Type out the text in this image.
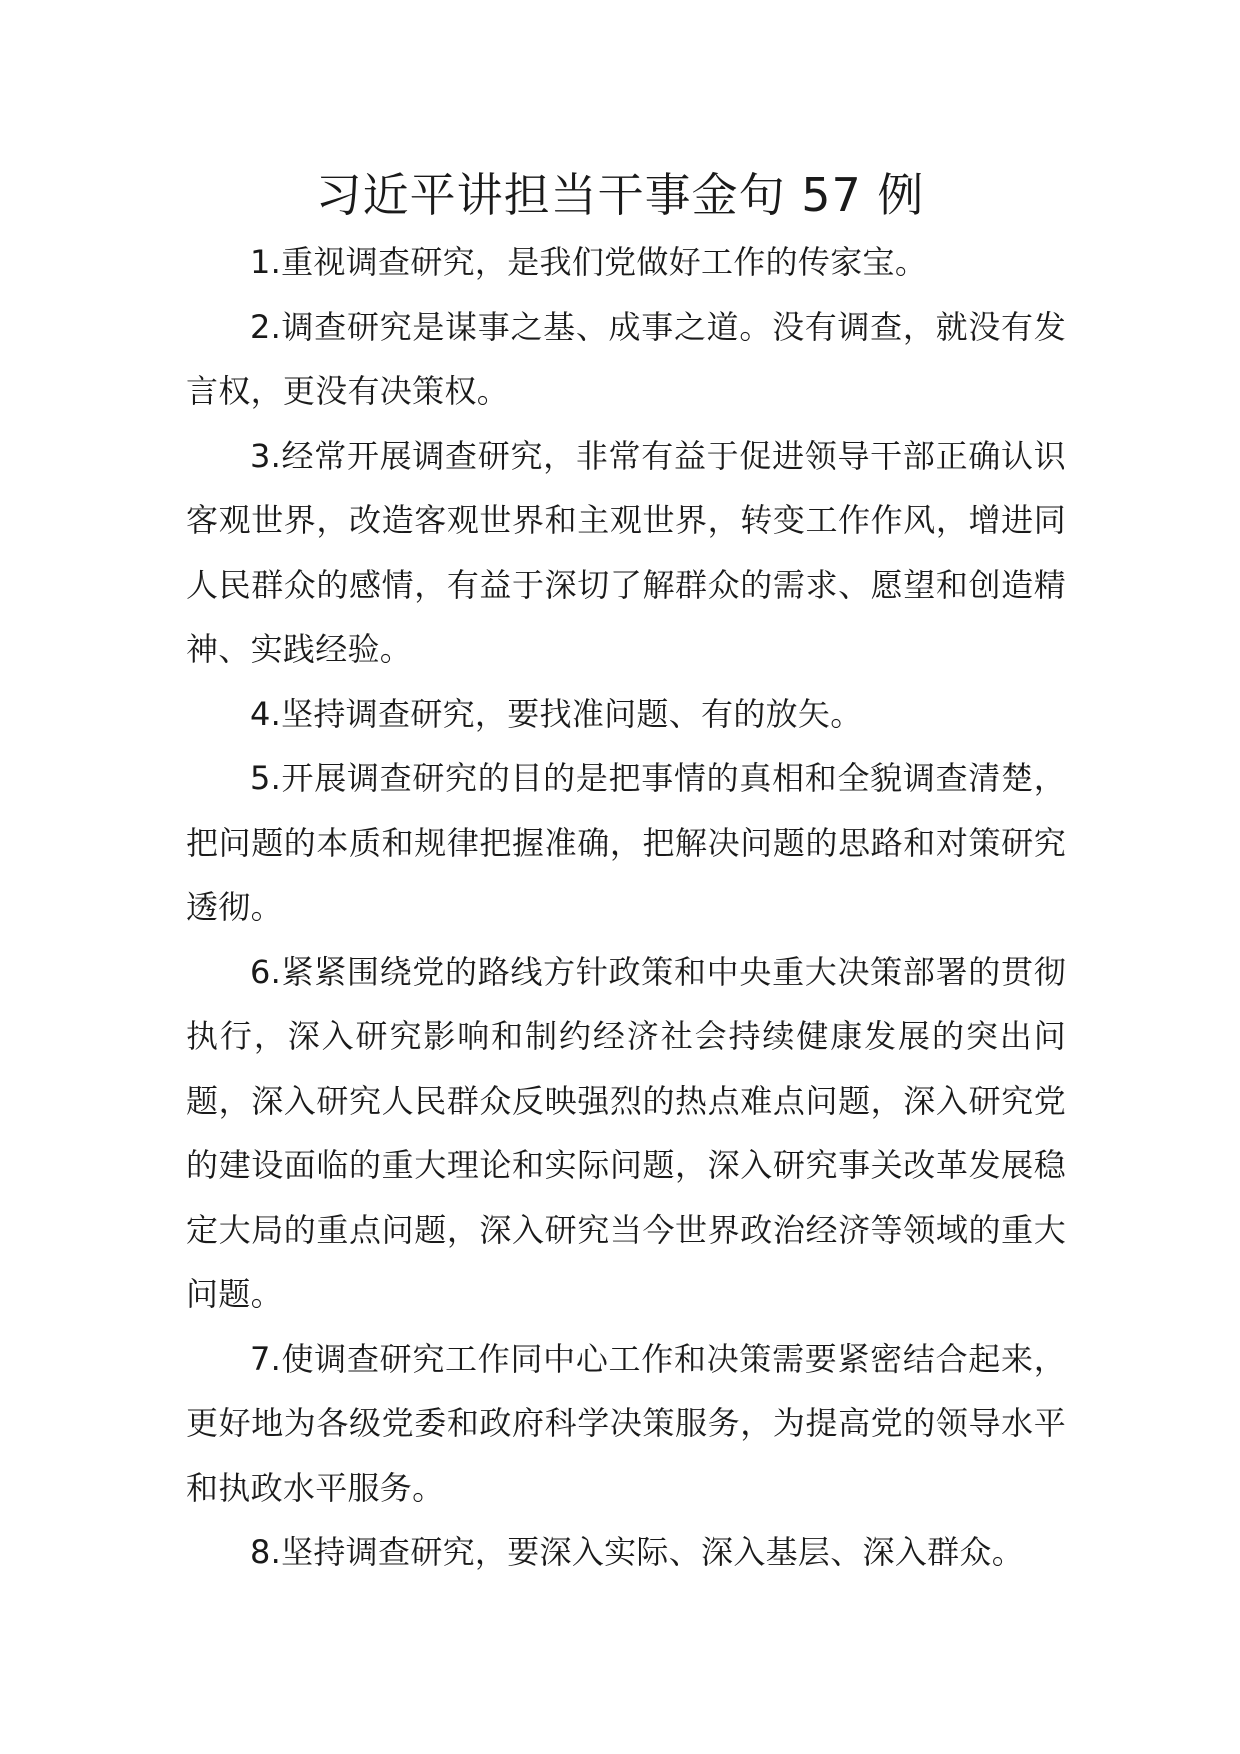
习近平讲担当干事金句 57 例

1.重视调查研究，是我们党做好工作的传家宝。

2.调查研究是谋事之基、成事之道。没有调查，就没有发言权，更没有决策权。

3.经常开展调查研究，非常有益于促进领导干部正确认识客观世界，改造客观世界和主观世界，转变工作作风，增进同人民群众的感情，有益于深切了解群众的需求、愿望和创造精神、实践经验。

4.坚持调查研究，要找准问题、有的放矢。

5.开展调查研究的目的是把事情的真相和全貌调查清楚，把问题的本质和规律把握准确，把解决问题的思路和对策研究透彻。

6.紧紧围绕党的路线方针政策和中央重大决策部署的贯彻执行，深入研究影响和制约经济社会持续健康发展的突出问题，深入研究人民群众反映强烈的热点难点问题，深入研究党的建设面临的重大理论和实际问题，深入研究事关改革发展稳定大局的重点问题，深入研究当今世界政治经济等领域的重大问题。

7.使调查研究工作同中心工作和决策需要紧密结合起来，更好地为各级党委和政府科学决策服务，为提高党的领导水平和执政水平服务。

8.坚持调查研究，要深入实际、深入基层、深入群众。
